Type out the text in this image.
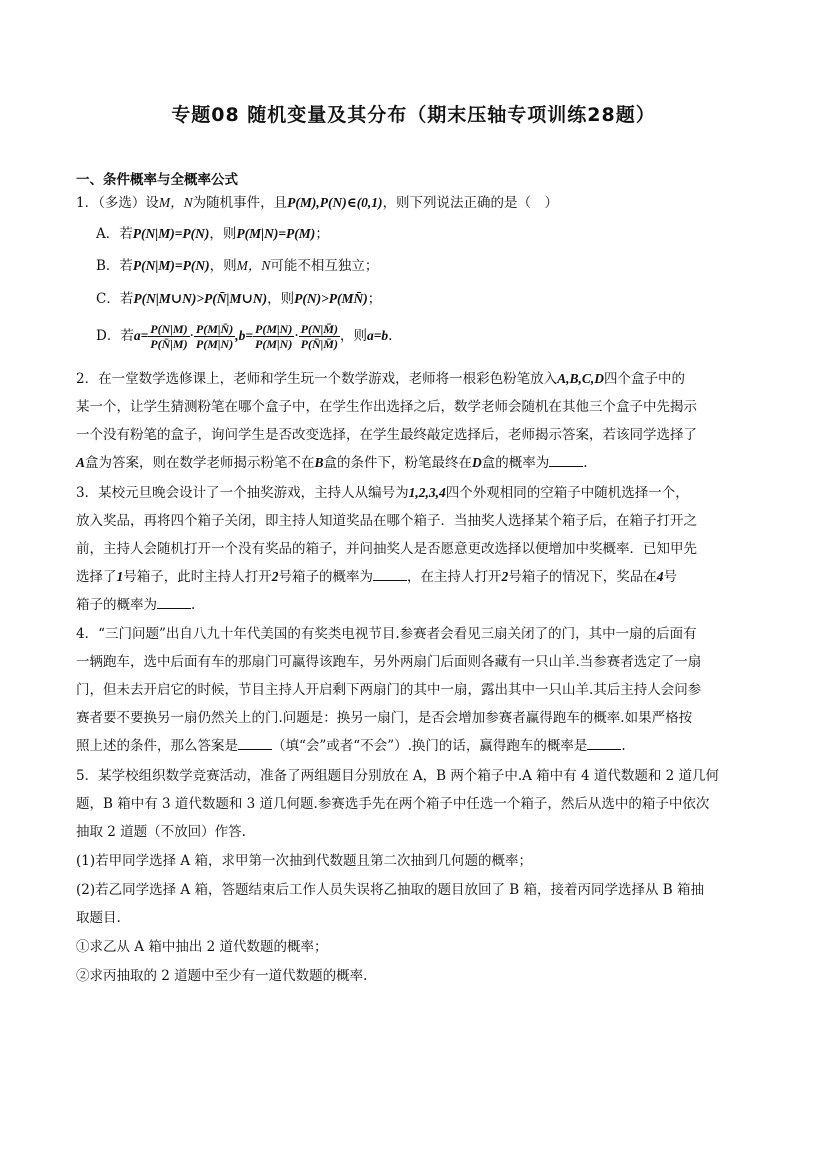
专题08 随机变量及其分布（期末压轴专项训练28题）
一、条件概率与全概率公式
1．（多选）设M，N为随机事件，且P(M),P(N)∈(0,1)，则下列说法正确的是（　）
A．若P(N|M)=P(N)，则P(M|N)=P(M)；
B．若P(N|M)=P(N)，则M，N可能不相互独立；
C．若P(N|M∪N)>P(N̄|M∪N)，则P(N)>P(MN̄)；
D．若$a= \frac{P(N|M)}{P(N̄|M)} \cdot \frac{P(M|N̄)}{P(M|N)} ,b= \frac{P(M|N)}{P(M|N)} \cdot \frac{P(N|M̄)}{P(N̄|M̄)}$ ，则a=b.
2．在一堂数学选修课上，老师和学生玩一个数学游戏，老师将一根彩色粉笔放入A,B,C,D四个盒子中的
某一个，让学生猜测粉笔在哪个盒子中，在学生作出选择之后，数学老师会随机在其他三个盒子中先揭示
一个没有粉笔的盒子，询问学生是否改变选择，在学生最终敲定选择后，老师揭示答案，若该同学选择了
A盒为答案，则在数学老师揭示粉笔不在B盒的条件下，粉笔最终在D盒的概率为	.
3．某校元旦晚会设计了一个抽奖游戏，主持人从编号为1,2,3,4四个外观相同的空箱子中随机选择一个，
放入奖品，再将四个箱子关闭，即主持人知道奖品在哪个箱子．当抽奖人选择某个箱子后，在箱子打开之
前，主持人会随机打开一个没有奖品的箱子，并问抽奖人是否愿意更改选择以便增加中奖概率．已知甲先
选择了1号箱子，此时主持人打开2号箱子的概率为	，在主持人打开2号箱子的情况下，奖品在4号
箱子的概率为	.
4．“三门问题”出自八九十年代美国的有奖类电视节目.参赛者会看见三扇关闭了的门，其中一扇的后面有
一辆跑车，选中后面有车的那扇门可赢得该跑车，另外两扇门后面则各藏有一只山羊.当参赛者选定了一扇
门，但未去开启它的时候，节目主持人开启剩下两扇门的其中一扇，露出其中一只山羊.其后主持人会问参
赛者要不要换另一扇仍然关上的门.问题是：换另一扇门，是否会增加参赛者赢得跑车的概率.如果严格按
照上述的条件，那么答案是	（填“会”或者“不会”）.换门的话，赢得跑车的概率是	.
5．某学校组织数学竞赛活动，准备了两组题目分别放在 A，B 两个箱子中.A 箱中有 4 道代数题和 2 道几何
题，B 箱中有 3 道代数题和 3 道几何题.参赛选手先在两个箱子中任选一个箱子，然后从选中的箱子中依次
抽取 2 道题（不放回）作答.
(1)若甲同学选择 A 箱，求甲第一次抽到代数题且第二次抽到几何题的概率；
(2)若乙同学选择 A 箱，答题结束后工作人员失误将乙抽取的题目放回了 B 箱，接着丙同学选择从 B 箱抽
取题目.
①求乙从 A 箱中抽出 2 道代数题的概率；
②求丙抽取的 2 道题中至少有一道代数题的概率.
